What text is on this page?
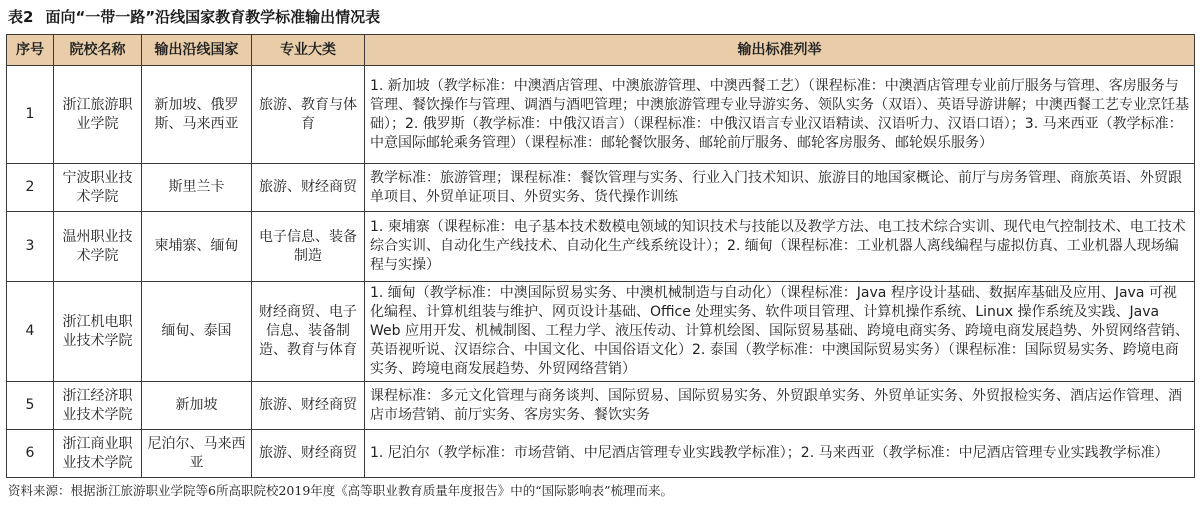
表2 面向“一带一路”沿线国家教育教学标准输出情况表
序号	院校名称	输出沿线国家	专业大类	输出标准列举
1	浙江旅游职业学院	新加坡、俄罗斯、马来西亚	旅游、教育与体育	1. 新加坡（教学标准：中澳酒店管理、中澳旅游管理、中澳西餐工艺）（课程标准：中澳酒店管理专业前厅服务与管理、客房服务与管理、餐饮操作与管理、调酒与酒吧管理；中澳旅游管理专业导游实务、领队实务（双语）、英语导游讲解；中澳西餐工艺专业烹饪基础）；2. 俄罗斯（教学标准：中俄汉语言）（课程标准：中俄汉语言专业汉语精读、汉语听力、汉语口语）；3. 马来西亚（教学标准：中意国际邮轮乘务管理）（课程标准：邮轮餐饮服务、邮轮前厅服务、邮轮客房服务、邮轮娱乐服务）
2	宁波职业技术学院	斯里兰卡	旅游、财经商贸	教学标准：旅游管理；课程标准：餐饮管理与实务、行业入门技术知识、旅游目的地国家概论、前厅与房务管理、商旅英语、外贸跟单项目、外贸单证项目、外贸实务、货代操作训练
3	温州职业技术学院	柬埔寨、缅甸	电子信息、装备制造	1. 柬埔寨（课程标准：电子基本技术数模电领域的知识技术与技能以及教学方法、电工技术综合实训、现代电气控制技术、电工技术综合实训、自动化生产线技术、自动化生产线系统设计）；2. 缅甸（课程标准：工业机器人离线编程与虚拟仿真、工业机器人现场编程与实操）
4	浙江机电职业技术学院	缅甸、泰国	财经商贸、电子信息、装备制造、教育与体育	1. 缅甸（教学标准：中澳国际贸易实务、中澳机械制造与自动化）（课程标准：Java 程序设计基础、数据库基础及应用、Java 可视化编程、计算机组装与维护、网页设计基础、Office 处理实务、软件项目管理、计算机操作系统、Linux 操作系统及实践、Java Web 应用开发、机械制图、工程力学、液压传动、计算机绘图、国际贸易基础、跨境电商实务、跨境电商发展趋势、外贸网络营销、英语视听说、汉语综合、中国文化、中国俗语文化）2. 泰国（教学标准：中澳国际贸易实务）（课程标准：国际贸易实务、跨境电商实务、跨境电商发展趋势、外贸网络营销）
5	浙江经济职业技术学院	新加坡	旅游、财经商贸	课程标准：多元文化管理与商务谈判、国际贸易、国际贸易实务、外贸跟单实务、外贸单证实务、外贸报检实务、酒店运作管理、酒店市场营销、前厅实务、客房实务、餐饮实务
6	浙江商业职业技术学院	尼泊尔、马来西亚	旅游、财经商贸	1. 尼泊尔（教学标准：市场营销、中尼酒店管理专业实践教学标准）；2. 马来西亚（教学标准：中尼酒店管理专业实践教学标准）
资料来源：根据浙江旅游职业学院等6所高职院校2019年度《高等职业教育质量年度报告》中的“国际影响表”梳理而来。
